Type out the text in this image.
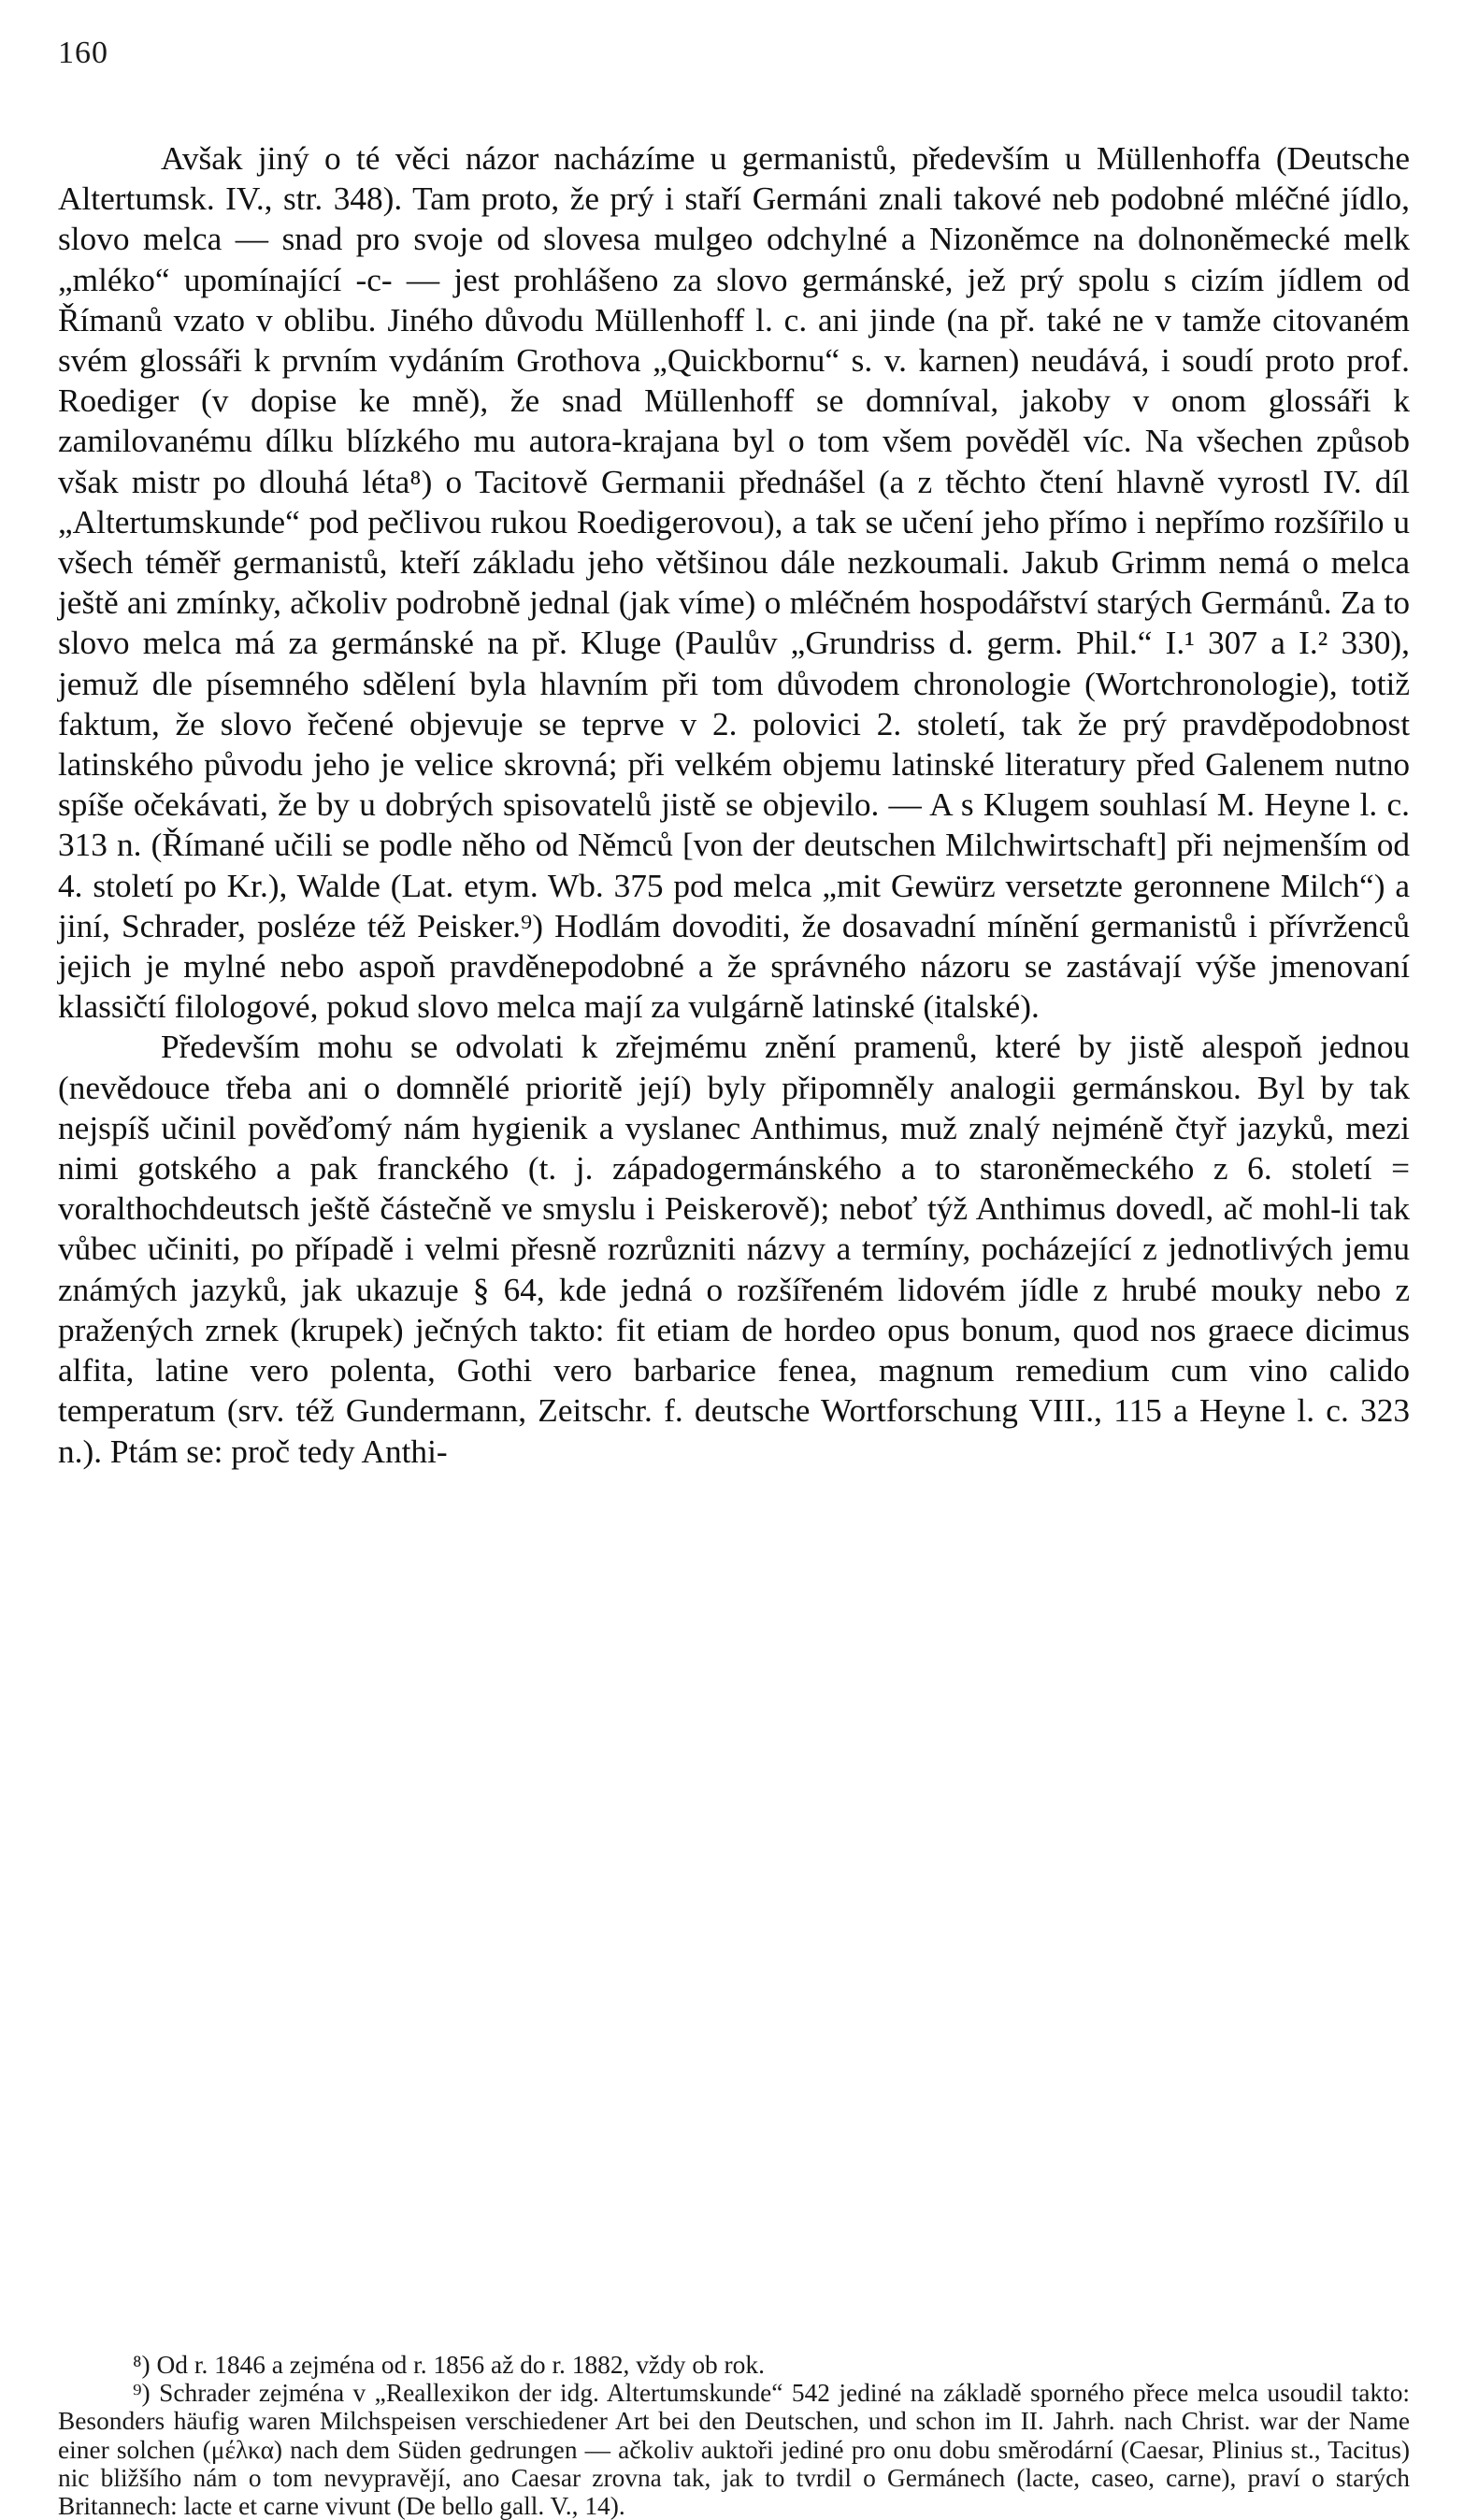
160

Avšak jiný o té věci názor nacházíme u germanistů, především u Müllenhoffa (Deutsche Altertumsk. IV., str. 348). Tam proto, že prý i staří Germáni znali takové neb podobné mléčné jídlo, slovo melca — snad pro svoje od slovesa mulgeo odchylné a Nizoněmce na dolnoněmecké melk „mléko“ upomínající -c- — jest prohlášeno za slovo germánské, jež prý spolu s cizím jídlem od Římanů vzato v oblibu. Jiného důvodu Müllenhoff l. c. ani jinde (na př. také ne v tamže citovaném svém glossáři k prvním vydáním Grothova „Quickbornu“ s. v. karnen) neudává, i soudí proto prof. Roediger (v dopise ke mně), že snad Müllenhoff se domníval, jakoby v onom glossáři k zamilovanému dílku blízkého mu autora-krajana byl o tom všem pověděl víc. Na všechen způsob však mistr po dlouhá léta⁸) o Tacitově Germanii přednášel (a z těchto čtení hlavně vyrostl IV. díl „Altertumskunde“ pod pečlivou rukou Roedigerovou), a tak se učení jeho přímo i nepřímo rozšířilo u všech téměř germanistů, kteří základu jeho většinou dále nezkoumali. Jakub Grimm nemá o melca ještě ani zmínky, ačkoliv podrobně jednal (jak víme) o mléčném hospodářství starých Germánů. Za to slovo melca má za germánské na př. Kluge (Paulův „Grundriss d. germ. Phil.“ I.¹ 307 a I.² 330), jemuž dle písemného sdělení byla hlavním při tom důvodem chronologie (Wortchronologie), totiž faktum, že slovo řečené objevuje se teprve v 2. polovici 2. století, tak že prý pravděpodobnost latinského původu jeho je velice skrovná; při velkém objemu latinské literatury před Galenem nutno spíše očekávati, že by u dobrých spisovatelů jistě se objevilo. — A s Klugem souhlasí M. Heyne l. c. 313 n. (Římané učili se podle něho od Němců [von der deutschen Milchwirtschaft] při nejmenším od 4. století po Kr.), Walde (Lat. etym. Wb. 375 pod melca „mit Gewürz versetzte geronnene Milch“) a jiní, Schrader, posléze též Peisker.⁹) Hodlám dovoditi, že dosavadní mínění germanistů i přívrženců jejich je mylné nebo aspoň pravděnepodobné a že správného názoru se zastávají výše jmenovaní klassičtí filologové, pokud slovo melca mají za vulgárně latinské (italské).

Především mohu se odvolati k zřejmému znění pramenů, které by jistě alespoň jednou (nevědouce třeba ani o domnělé prioritě její) byly připomněly analogii germánskou. Byl by tak nejspíš učinil pověďomý nám hygienik a vyslanec Anthimus, muž znalý nejméně čtyř jazyků, mezi nimi gotského a pak franckého (t. j. západogermánského a to staroněmeckého z 6. století = voralthochdeutsch ještě částečně ve smyslu i Peiskerově); neboť týž Anthimus dovedl, ač mohl-li tak vůbec učiniti, po případě i velmi přesně rozrůzniti názvy a termíny, pocházející z jednotlivých jemu známých jazyků, jak ukazuje § 64, kde jedná o rozšířeném lidovém jídle z hrubé mouky nebo z pražených zrnek (krupek) ječných takto: fit etiam de hordeo opus bonum, quod nos graece dicimus alfita, latine vero polenta, Gothi vero barbarice fenea, magnum remedium cum vino calido temperatum (srv. též Gundermann, Zeitschr. f. deutsche Wortforschung VIII., 115 a Heyne l. c. 323 n.). Ptám se: proč tedy Anthi-

⁸) Od r. 1846 a zejména od r. 1856 až do r. 1882, vždy ob rok.

⁹) Schrader zejména v „Reallexikon der idg. Altertumskunde“ 542 jediné na základě sporného přece melca usoudil takto: Besonders häufig waren Milchspeisen verschiedener Art bei den Deutschen, und schon im II. Jahrh. nach Christ. war der Name einer solchen (μέλκα) nach dem Süden gedrungen — ačkoliv auktoři jediné pro onu dobu směrodární (Caesar, Plinius st., Tacitus) nic bližšího nám o tom nevypravějí, ano Caesar zrovna tak, jak to tvrdil o Germánech (lacte, caseo, carne), praví o starých Britannech: lacte et carne vivunt (De bello gall. V., 14).
